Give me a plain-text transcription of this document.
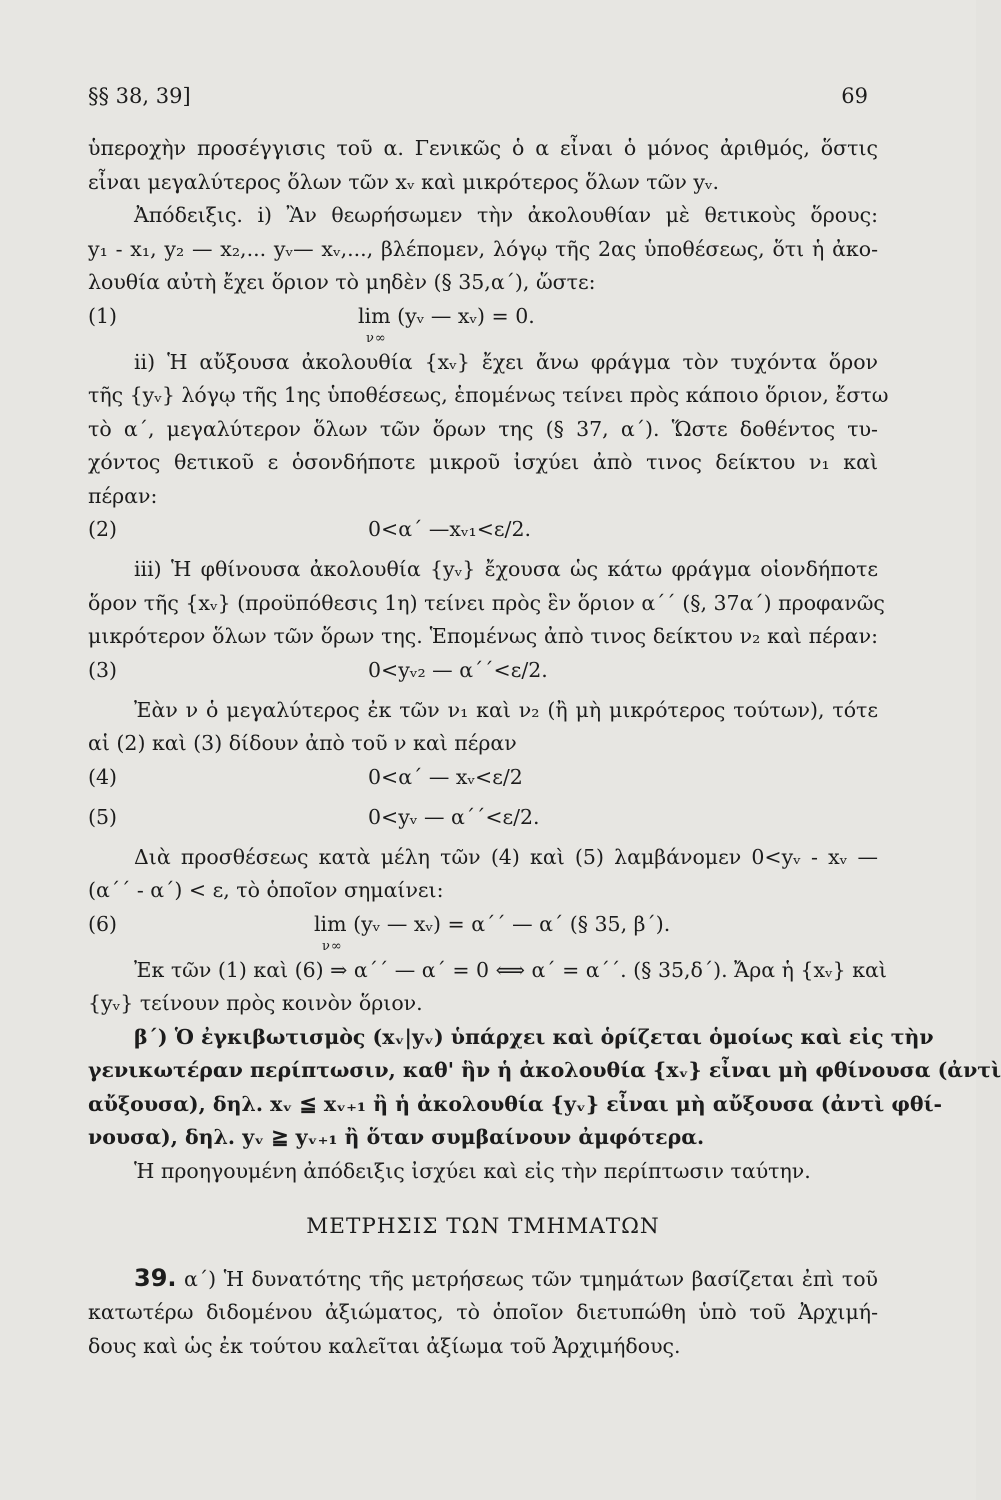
§§ 38, 39]	69
ὑπεροχὴν προσέγγισις τοῦ α. Γενικῶς ὁ α εἶναι ὁ μόνος ἀριθμός, ὅστις
εἶναι μεγαλύτερος ὅλων τῶν xᵥ καὶ μικρότερος ὅλων τῶν yᵥ.
Ἀπόδειξις. i) Ἂν θεωρήσωμεν τὴν ἀκολουθίαν μὲ θετικοὺς ὅρους:
y₁ - x₁, y₂ — x₂,... yᵥ— xᵥ,..., βλέπομεν, λόγῳ τῆς 2ας ὑποθέσεως, ὅτι ἡ ἀκο-
λουθία αὐτὴ ἔχει ὅριον τὸ μηδὲν (§ 35,α΄), ὥστε:
(1)	lim
ν∞
(yᵥ — xᵥ) = 0.
ii) Ἡ αὔξουσα ἀκολουθία {xᵥ} ἔχει ἄνω φράγμα τὸν τυχόντα ὅρον
τῆς {yᵥ} λόγῳ τῆς 1ης ὑποθέσεως, ἑπομένως τείνει πρὸς κάποιο ὅριον, ἔστω
τὸ α΄, μεγαλύτερον ὅλων τῶν ὅρων της (§ 37, α΄). Ὥστε δοθέντος τυ-
χόντος θετικοῦ ε ὁσονδήποτε μικροῦ ἰσχύει ἀπὸ τινος δείκτου ν₁ καὶ
πέραν:
(2)	0<α΄ —xᵥ₁<ε/2.
iii) Ἡ φθίνουσα ἀκολουθία {yᵥ} ἔχουσα ὡς κάτω φράγμα οἱονδήποτε
ὅρον τῆς {xᵥ} (προϋπόθεσις 1η) τείνει πρὸς ἓν ὅριον α΄΄ (§, 37α΄) προφανῶς
μικρότερον ὅλων τῶν ὅρων της. Ἑπομένως ἀπὸ τινος δείκτου ν₂ καὶ πέραν:
(3)	0<yᵥ₂ — α΄΄<ε/2.
Ἐὰν ν ὁ μεγαλύτερος ἐκ τῶν ν₁ καὶ ν₂ (ἢ μὴ μικρότερος τούτων), τότε
αἱ (2) καὶ (3) δίδουν ἀπὸ τοῦ ν καὶ πέραν
(4)	0<α΄ — xᵥ<ε/2
(5)	0<yᵥ — α΄΄<ε/2.
Διὰ προσθέσεως κατὰ μέλη τῶν (4) καὶ (5) λαμβάνομεν 0<yᵥ - xᵥ —
(α΄΄ - α΄) < ε, τὸ ὁποῖον σημαίνει:
(6)	lim
ν∞
(yᵥ — xᵥ) = α΄΄ — α΄ (§ 35, β΄).
Ἐκ τῶν (1) καὶ (6) ⇒ α΄΄ — α΄ = 0 ⟺ α΄ = α΄΄. (§ 35,δ΄). Ἄρα ἡ {xᵥ} καὶ
{yᵥ} τείνουν πρὸς κοινὸν ὅριον.
β΄) Ὁ ἐγκιβωτισμὸς (xᵥ|yᵥ) ὑπάρχει καὶ ὁρίζεται ὁμοίως καὶ εἰς τὴν
γενικωτέραν περίπτωσιν, καθ' ἣν ἡ ἀκολουθία {xᵥ} εἶναι μὴ φθίνουσα (ἀντὶ
αὔξουσα), δηλ. xᵥ ≦ xᵥ₊₁ ἢ ἡ ἀκολουθία {yᵥ} εἶναι μὴ αὔξουσα (ἀντὶ φθί-
νουσα), δηλ. yᵥ ≧ yᵥ₊₁ ἢ ὅταν συμβαίνουν ἀμφότερα.
Ἡ προηγουμένη ἀπόδειξις ἰσχύει καὶ εἰς τὴν περίπτωσιν ταύτην.
ΜΕΤΡΗΣΙΣ ΤΩΝ ΤΜΗΜΑΤΩΝ
39. α΄) Ἡ δυνατότης τῆς μετρήσεως τῶν τμημάτων βασίζεται ἐπὶ τοῦ
κατωτέρω διδομένου ἀξιώματος, τὸ ὁποῖον διετυπώθη ὑπὸ τοῦ Ἀρχιμή-
δους καὶ ὡς ἐκ τούτου καλεῖται ἀξίωμα τοῦ Ἀρχιμήδους.
